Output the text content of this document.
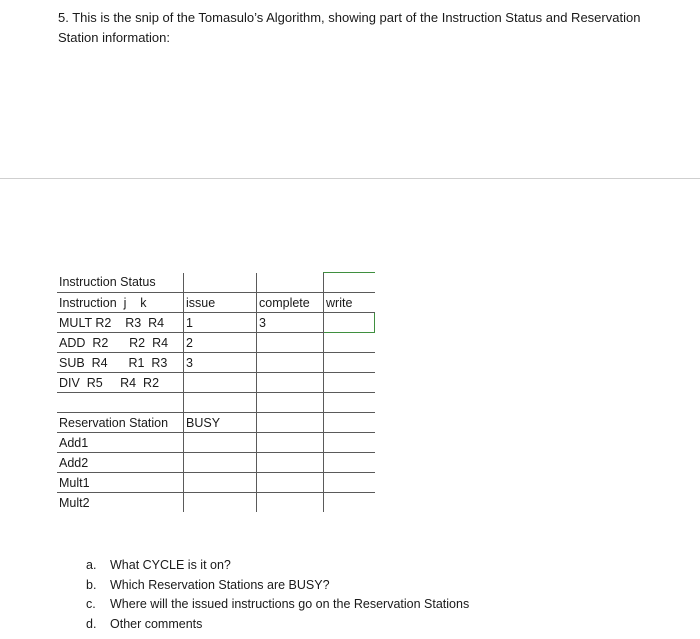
5. This is the snip of the Tomasulo’s Algorithm, showing part of the Instruction Status and Reservation Station information:
Instruction Status			
Instruction  j    k	issue	complete	write
MULT R2    R3  R4	1	3	
ADD  R2      R2  R4	2		
SUB  R4      R1  R3	3		
DIV  R5     R4  R2			

Reservation Station	BUSY		
Add1			
Add2			
Mult1			
Mult2			
a.	What CYCLE is it on?
b.	Which Reservation Stations are BUSY?
c.	Where will the issued instructions go on the Reservation Stations
d.	Other comments
